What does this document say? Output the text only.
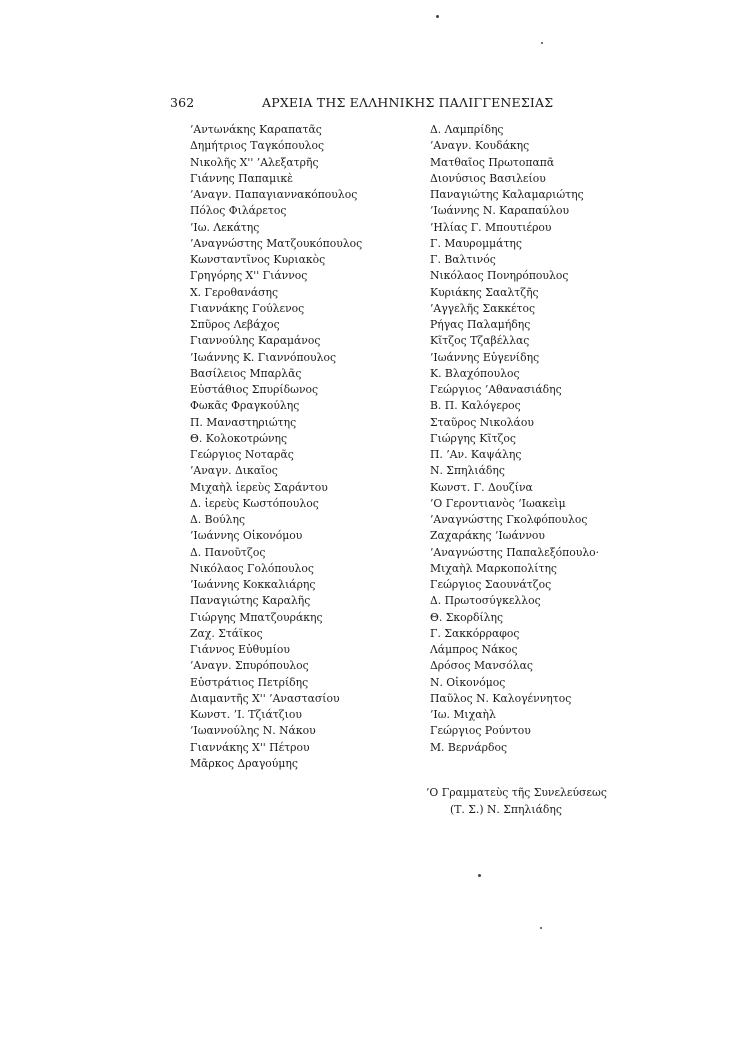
362	ΑΡΧΕΙΑ ΤΗΣ ΕΛΛΗΝΙΚΗΣ ΠΑΛΙΓΓΕΝΕΣΙΑΣ
’Αντωνάκης Καραπατᾶς
Δημήτριος Ταγκόπουλος
Νικολῆς Χ'' ’Αλεξατρῆς
Γιάννης Παπαμικὲ
’Αναγν. Παπαγιαννακόπουλος
Πόλος Φιλάρετος
’Ιω. Λεκάτης
’Αναγνώστης Ματζουκόπουλος
Κωνσταντῖνος Κυριακὸς
Γρηγόρης Χ'' Γιάννος
Χ. Γεροθανάσης
Γιαννάκης Γούλενος
Σπῦρος Λεβάχος
Γιαννούλης Καραμάνος
’Ιωάννης Κ. Γιαννόπουλος
Βασίλειος Μπαρλᾶς
Εὐστάθιος Σπυρίδωνος
Φωκᾶς Φραγκούλης
Π. Μαναστηριώτης
Θ. Κολοκοτρώνης
Γεώργιος Νοταρᾶς
’Αναγν. Δικαῖος
Μιχαὴλ ἱερεὺς Σαράντου
Δ. ἱερεὺς Κωστόπουλος
Δ. Βούλης
’Ιωάννης Οἰκονόμου
Δ. Πανοῦτζος
Νικόλαος Γολόπουλος
’Ιωάννης Κοκκαλιάρης
Παναγιώτης Καραλῆς
Γιώργης Μπατζουράκης
Ζαχ. Στάϊκος
Γιάννος Εὐθυμίου
’Αναγν. Σπυρόπουλος
Εὐστράτιος Πετρίδης
Διαμαντῆς Χ'' ’Αναστασίου
Κωνστ. ’Ι. Τζιάτζιου
’Ιωαννούλης Ν. Νάκου
Γιαννάκης Χ'' Πέτρου
Μᾶρκος Δραγούμης
Δ. Λαμπρίδης
’Αναγν. Κουδάκης
Ματθαῖος Πρωτοπαπᾶ
Διονύσιος Βασιλείου
Παναγιώτης Καλαμαριώτης
’Ιωάννης Ν. Καραπαύλου
’Ηλίας Γ. Μπουτιέρου
Γ. Μαυρομμάτης
Γ. Βαλτινός
Νικόλαος Πονηρόπουλος
Κυριάκης Σααλτζῆς
’Αγγελῆς Σακκέτος
Ρήγας Παλαμήδης
Κῖτζος Τζαβέλλας
’Ιωάννης Εὐγενίδης
Κ. Βλαχόπουλος
Γεώργιος ’Αθανασιάδης
Β. Π. Καλόγερος
Σταῦρος Νικολάου
Γιώργης Κῖτζος
Π. ’Αν. Καψάλης
Ν. Σπηλιάδης
Κωνστ. Γ. Δουζίνα
’Ο Γεροντιανὸς ’Ιωακεὶμ
’Αναγνώστης Γκολφόπουλος
Ζαχαράκης ’Ιωάννου
’Αναγνώστης Παπαλεξόπουλο·
Μιχαὴλ Μαρκοπολίτης
Γεώργιος Σαουνάτζος
Δ. Πρωτοσύγκελλος
Θ. Σκορδίλης
Γ. Σακκόρραφος
Λάμπρος Νάκος
Δρόσος Μανσόλας
Ν. Οἰκονόμος
Παῦλος Ν. Καλογέννητος
’Ιω. Μιχαὴλ
Γεώργιος Ρούντου
Μ. Βερνάρδος
’Ο Γραμματεὺς τῆς Συνελεύσεως
(Τ. Σ.) Ν. Σπηλιάδης
